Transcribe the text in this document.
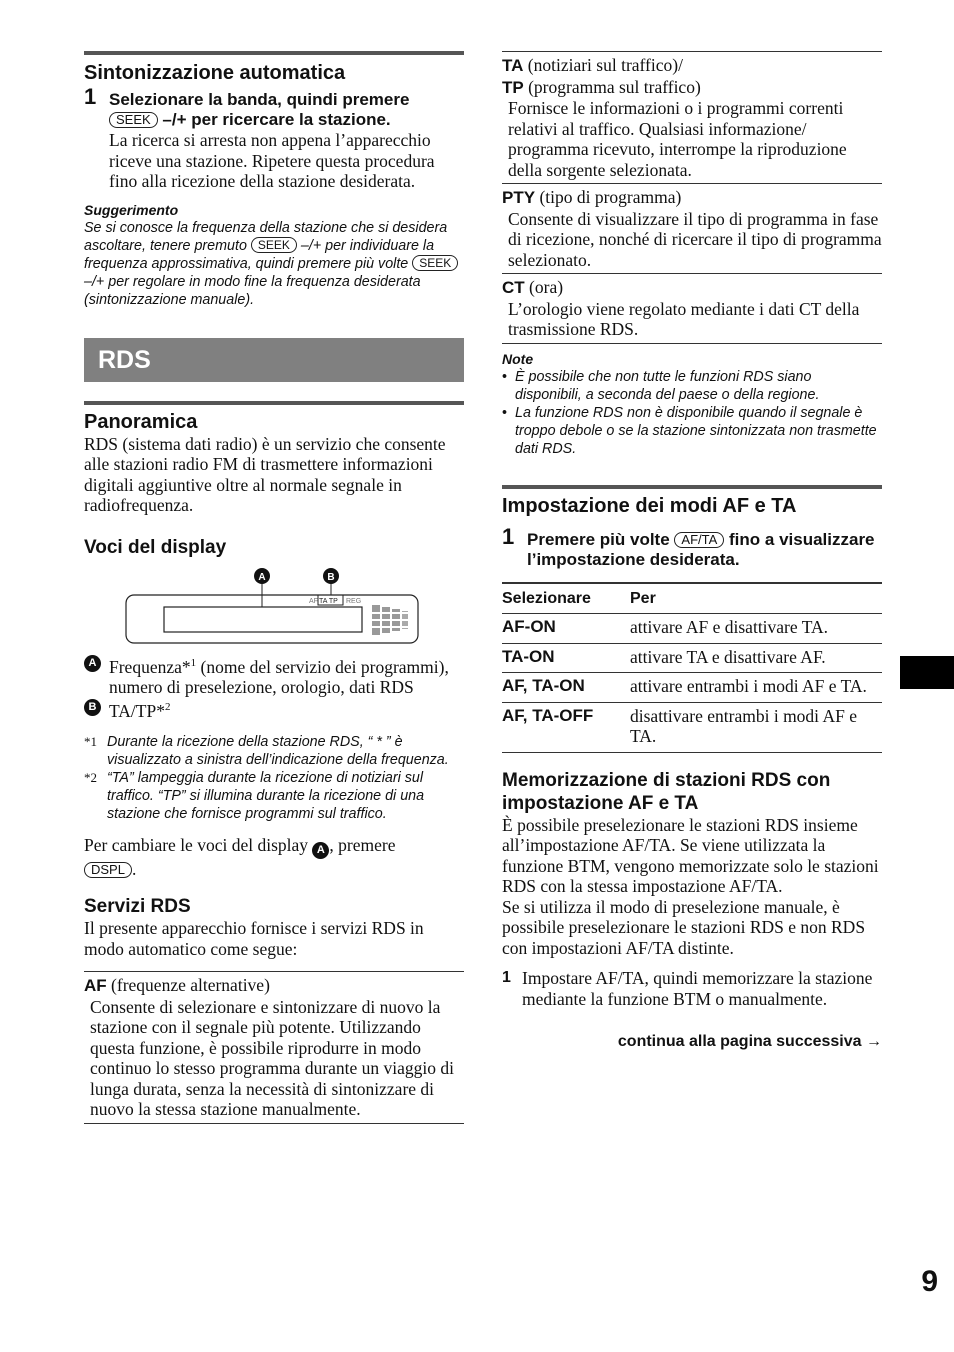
Sintonizzazione automatica
1 Selezionare la banda, quindi premere
SEEK –/+ per ricercare la stazione.

La ricerca si arresta non appena l’apparecchio riceve una stazione. Ripetere questa procedura fino alla ricezione della stazione desiderata.

Suggerimento
Se si conosce la frequenza della stazione che si desidera ascoltare, tenere premuto SEEK –/+ per individuare la frequenza approssimativa, quindi premere più volte SEEK –/+ per regolare in modo fine la frequenza desiderata (sintonizzazione manuale).
RDS
Panoramica

RDS (sistema dati radio) è un servizio che consente alle stazioni radio FM di trasmettere informazioni digitali aggiuntive oltre al normale segnale in radiofrequenza.

Voci del display
AF TA TP REG
A	B
A Frequenza*$^1$ (nome del servizio dei programmi), numero di preselezione, orologio, dati RDS
B TA/TP*$^2$
*1 Durante la ricezione della stazione RDS, “ * ” è visualizzato a sinistra dell’indicazione della frequenza.
*2 “TA” lampeggia durante la ricezione di notiziari sul traffico. “TP” si illumina durante la ricezione di una stazione che fornisce programmi sul traffico.

Per cambiare le voci del display A , premere
DSPL .

Servizi RDS

Il presente apparecchio fornisce i servizi RDS in modo automatico come segue:

AF (frequenze alternative)
Consente di selezionare e sintonizzare di nuovo la stazione con il segnale più potente. Utilizzando questa funzione, è possibile riprodurre in modo continuo lo stesso programma durante un viaggio di lunga durata, senza la necessità di sintonizzare di nuovo la stessa stazione manualmente.
TA (notiziari sul traffico)/
TP (programma sul traffico)
Fornisce le informazioni o i programmi correnti relativi al traffico. Qualsiasi informazione/ programma ricevuto, interrompe la riproduzione della sorgente selezionata.
PTY (tipo di programma)
Consente di visualizzare il tipo di programma in fase di ricezione, nonché di ricercare il tipo di programma selezionato.
CT (ora)
L’orologio viene regolato mediante i dati CT della trasmissione RDS.
Note
• È possibile che non tutte le funzioni RDS siano disponibili, a seconda del paese o della regione.
• La funzione RDS non è disponibile quando il segnale è troppo debole o se la stazione sintonizzata non trasmette dati RDS.
Impostazione dei modi AF e TA
1 Premere più volte AF/TA fino a visualizzare l’impostazione desiderata.
Selezionare	Per
AF-ON	attivare AF e disattivare TA.
TA-ON	attivare TA e disattivare AF.
AF, TA-ON	attivare entrambi i modi AF e TA.
AF, TA-OFF	disattivare entrambi i modi AF e TA.
Memorizzazione di stazioni RDS con impostazione AF e TA

È possibile preselezionare le stazioni RDS insieme all’impostazione AF/TA. Se viene utilizzata la funzione BTM, vengono memorizzate solo le stazioni RDS con la stessa impostazione AF/TA.

Se si utilizza il modo di preselezione manuale, è possibile preselezionare le stazioni RDS e non RDS con impostazioni AF/TA distinte.

1 Impostare AF/TA, quindi memorizzare la stazione mediante la funzione BTM o manualmente.
continua alla pagina successiva →
9
